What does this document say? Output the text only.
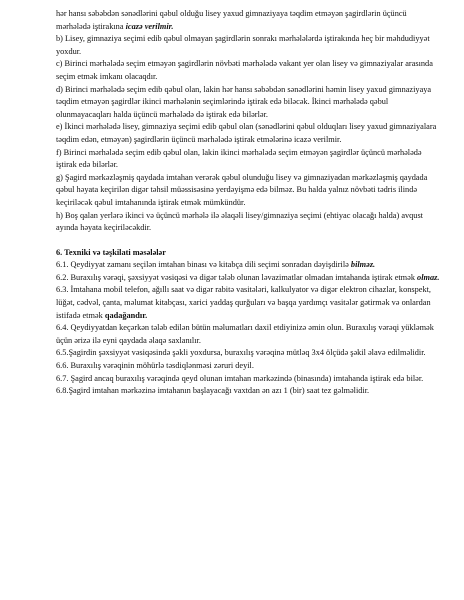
hər hansı səbəbdən sənədlərini qəbul olduğu lisey yaxud gimnaziyaya təqdim etməyən şagirdlərin üçüncü mərhələdə iştirakına icazə verilmir.

b) Lisey, gimnaziya seçimi edib qəbul olmayan şagirdlərin sonrakı mərhələlərdə iştirakında heç bir məhdudiyyət yoxdur.

c) Birinci mərhələdə seçim etməyən şagirdlərin növbəti mərhələdə vakant yer olan lisey və gimnaziyalar arasında seçim etmək imkanı olacaqdır.

d) Birinci mərhələdə seçim edib qəbul olan, lakin hər hansı səbəbdən sənədlərini həmin lisey yaxud gimnaziyaya təqdim etməyən şagirdlər ikinci mərhələnin seçimlərində iştirak edə biləcək. İkinci mərhələdə qəbul olunmayacaqları halda üçüncü mərhələdə də iştirak edə bilərlər.

e) İkinci mərhələdə lisey, gimnaziya seçimi edib qəbul olan (sənədlərini qəbul olduqları lisey yaxud gimnaziyalara təqdim edən, etməyən) şagirdlərin üçüncü mərhələdə iştirak etmələrinə icazə verilmir.

f) Birinci mərhələdə seçim edib qəbul olan, lakin ikinci mərhələdə seçim etməyən şagirdlər üçüncü mərhələdə iştirak edə bilərlər.

g) Şagird mərkəzləşmiş qaydada imtahan verərək qəbul olunduğu lisey və gimnaziyadan mərkəzləşmiş qaydada qəbul həyata keçirilən digər təhsil müəssisəsinə yerdəyişmə edə bilməz. Bu halda yalnız növbəti tədris ilində keçiriləcək qəbul imtahanında iştirak etmək mümkündür.

h) Boş qalan yerlərə ikinci və üçüncü mərhələ ilə əlaqəli lisey/gimnaziya seçimi (ehtiyac olacağı halda) avqust ayında həyata keçiriləcəkdir.

6. Texniki və təşkilati məsələlər

6.1. Qeydiyyat zamanı seçilən imtahan binası və kitabça dili seçimi sonradan dəyişdirilə bilməz.

6.2. Buraxılış vərəqi, şəxsiyyət vəsiqəsi və digər tələb olunan ləvazimatlar olmadan imtahanda iştirak etmək olmaz.

6.3. İmtahana mobil telefon, ağıllı saat və digər rabitə vasitələri, kalkulyator və digər elektron cihazlar, konspekt, lüğət, cədvəl, çanta, məlumat kitabçası, xarici yaddaş qurğuları və başqa yardımçı vasitələr gətirmək və onlardan istifadə etmək qadağandır.

6.4. Qeydiyyatdan keçərkən tələb edilən bütün məlumatları daxil etdiyinizə əmin olun. Buraxılış vərəqi yükləmək üçün ərizə ilə eyni qaydada əlaqə saxlanılır.

6.5.Şagirdin şəxsiyyət vəsiqəsində şəkli yoxdursa, buraxılış vərəqinə mütləq 3x4 ölçüdə şəkil əlavə edilməlidir.

6.6. Buraxılış vərəqinin möhürlə təsdiqlənməsi zəruri deyil.

6.7. Şagird ancaq buraxılış vərəqində qeyd olunan imtahan mərkəzində (binasında) imtahanda iştirak edə bilər.

6.8.Şagird imtahan mərkəzinə imtahanın başlayacağı vaxtdan ən azı 1 (bir) saat tez gəlməlidir.
